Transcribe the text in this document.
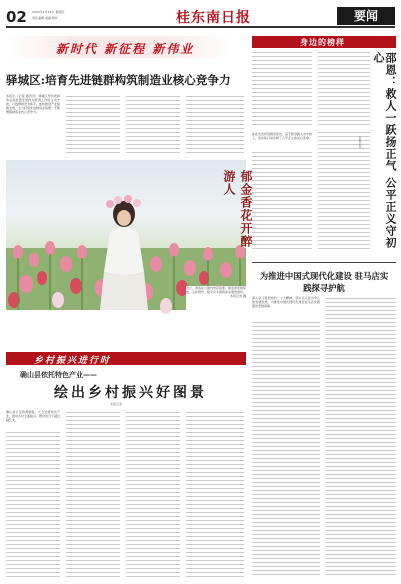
02 2024年4月18日 星期四
责任编辑 美编 制作	桂东南日报	要闻
新时代 新征程 新伟业
驿城区:培育先进链群构筑制造业核心竞争力
本报讯（记者 通讯员）驿城区坚持把制造业高质量发展作为经济工作的主攻方向，以链群建设为抓手，加快推进产业集聚发展，全力打造先进制造业集群，不断增强制造业核心竞争力。
郁金香花开醉游人
近日，游客在公园内赏花拍照。郁金香竞相绽放，五彩缤纷，吸引众多游客前来观赏游玩。
本报记者 摄
乡村振兴进行时
确山县依托特色产业——
绘出乡村振兴好图景
本报记者
确山县立足资源禀赋，大力发展特色产业，推动乡村全面振兴，群众的日子越过越红火。
身边的榜样
邵恩：救人一跃扬正气 公平正义守初心
他在危急时刻挺身而出，奋不顾身跳入水中救人，用实际行动诠释了公平正义的初心使命。	本报记者
为推进中国式现代化建设 驻马店实践探寻护航
深入学习贯彻党的二十大精神，坚持以人民为中心的发展思想，为推进中国式现代化建设驻马店实践提供坚强保障。
